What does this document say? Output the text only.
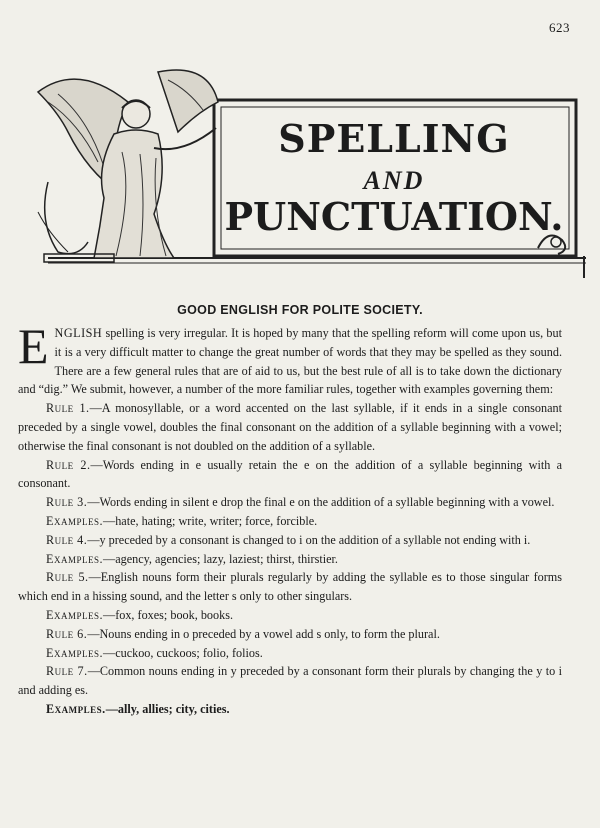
623
SPELLING
AND
PUNCTUATION.
GOOD ENGLISH FOR POLITE SOCIETY.

ENGLISH spelling is very irregular. It is hoped by many that the spelling reform will come upon us, but it is a very difficult matter to change the great number of words that they may be spelled as they sound. There are a few general rules that are of aid to us, but the best rule of all is to take down the dictionary and “dig.” We submit, however, a number of the more familiar rules, together with examples governing them:

Rule 1.—A monosyllable, or a word accented on the last syllable, if it ends in a single consonant preceded by a single vowel, doubles the final consonant on the addition of a syllable beginning with a vowel; otherwise the final consonant is not doubled on the addition of a syllable.

Rule 2.—Words ending in e usually retain the e on the addition of a syllable beginning with a consonant.

Rule 3.—Words ending in silent e drop the final e on the addition of a syllable beginning with a vowel.

Examples.—hate, hating; write, writer; force, forcible.

Rule 4.—y preceded by a consonant is changed to i on the addition of a syllable not ending with i.

Examples.—agency, agencies; lazy, laziest; thirst, thirstier.

Rule 5.—English nouns form their plurals regularly by adding the syllable es to those singular forms which end in a hissing sound, and the letter s only to other singulars.

Examples.—fox, foxes; book, books.

Rule 6.—Nouns ending in o preceded by a vowel add s only, to form the plural.

Examples.—cuckoo, cuckoos; folio, folios.

Rule 7.—Common nouns ending in y preceded by a consonant form their plurals by changing the y to i and adding es.

Examples.—ally, allies; city, cities.
